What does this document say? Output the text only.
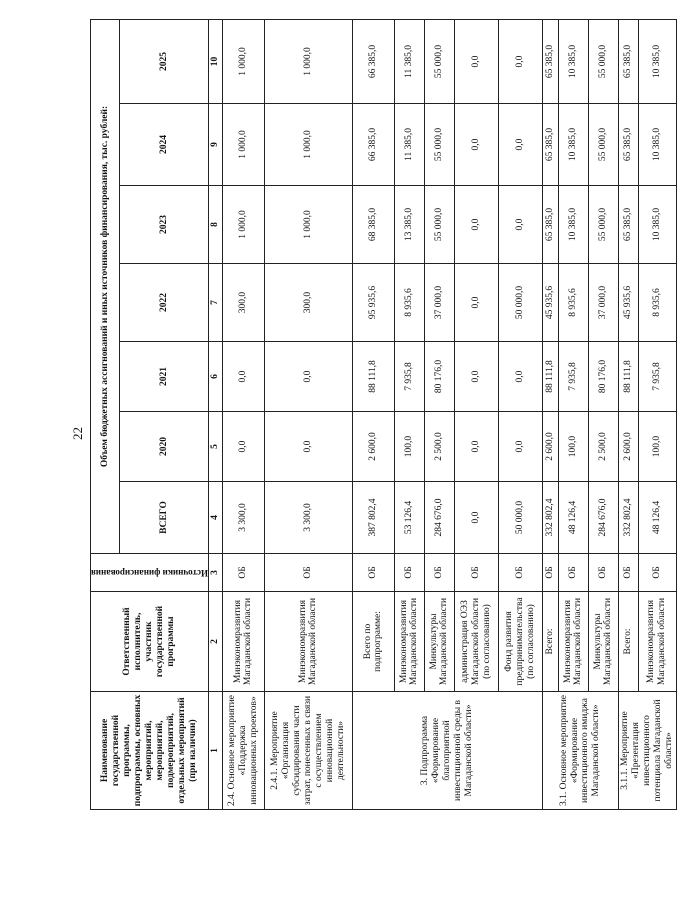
22
Наименование государственной программы, подпрограммы, основных мероприятий, мероприятий, подмероприятий, отдельных мероприятий (при наличии)	Ответственный исполнитель, участник государственной программы	Источники финансирования	Объем бюджетных ассигнований и иных источников финансирования, тыс. рублей:						
			ВСЕГО	2020	2021	2022	2023	2024	2025
1	2	3	4	5	6	7	8	9	10
2.4. Основное мероприятие «Поддержка инновационных проектов»	Минэкономразвития Магаданской области	ОБ	3 300,0	0,0	0,0	300,0	1 000,0	1 000,0	1 000,0
2.4.1. Мероприятие «Организация субсидирования части затрат, понесенных в связи с осуществлением инновационной деятельности»	Минэкономразвития Магаданской области	ОБ	3 300,0	0,0	0,0	300,0	1 000,0	1 000,0	1 000,0
3. Подпрограмма «Формирование благоприятной инвестиционной среды в Магаданской области»	Всего по подпрограмме:	ОБ	387 802,4	2 600,0	88 111,8	95 935,6	68 385,0	66 385,0	66 385,0
	Минэкономразвития Магаданской области	ОБ	53 126,4	100,0	7 935,8	8 935,6	13 385,0	11 385,0	11 385,0
	Минкультуры Магаданской области	ОБ	284 676,0	2 500,0	80 176,0	37 000,0	55 000,0	55 000,0	55 000,0
	администрация ОЭЗ Магаданской области (по согласованию)	ОБ	0,0	0,0	0,0	0,0	0,0	0,0	0,0
	Фонд развития предпринимательства (по согласованию)	ОБ	50 000,0	0,0	0,0	50 000,0	0,0	0,0	0,0
3.1. Основное мероприятие «Формирование инвестиционного имиджа Магаданской области»	Всего:	ОБ	332 802,4	2 600,0	88 111,8	45 935,6	65 385,0	65 385,0	65 385,0
	Минэкономразвития Магаданской области	ОБ	48 126,4	100,0	7 935,8	8 935,6	10 385,0	10 385,0	10 385,0
	Минкультуры Магаданской области	ОБ	284 676,0	2 500,0	80 176,0	37 000,0	55 000,0	55 000,0	55 000,0
3.1.1. Мероприятие «Презентация инвестиционного потенциала Магаданской области»	Всего:	ОБ	332 802,4	2 600,0	88 111,8	45 935,6	65 385,0	65 385,0	65 385,0
	Минэкономразвития Магаданской области	ОБ	48 126,4	100,0	7 935,8	8 935,6	10 385,0	10 385,0	10 385,0
